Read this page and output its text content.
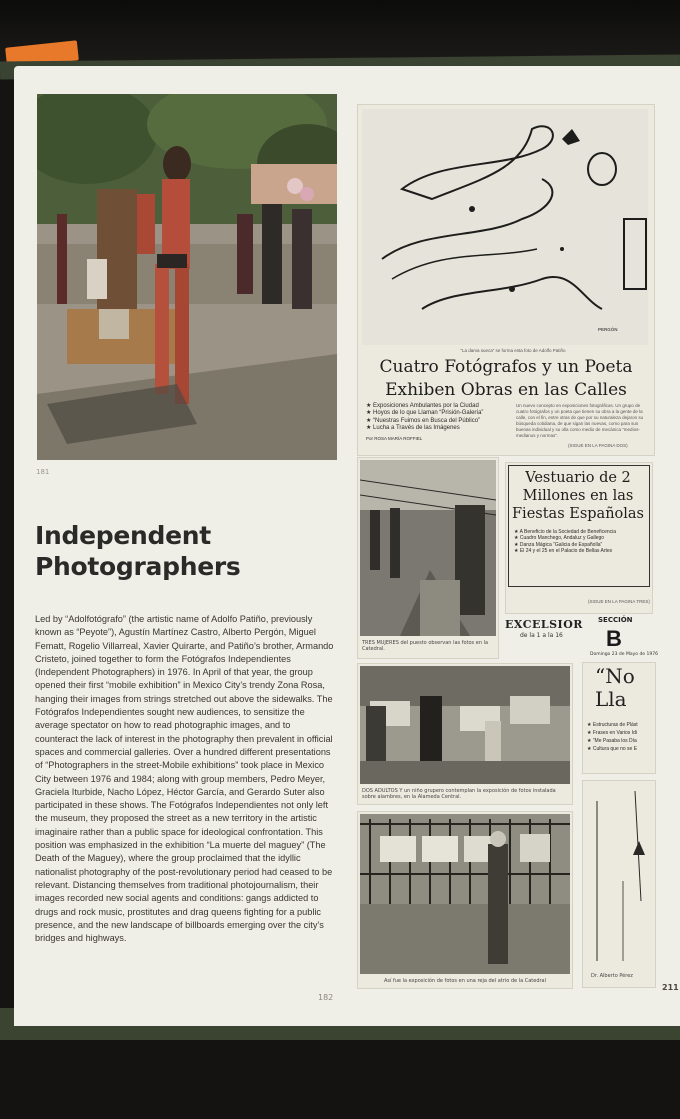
181
Independent
Photographers
Led by “Adolfotógrafo” (the artistic name of Adolfo Patiño, previously known as “Peyote”), Agustín Martínez Castro, Alberto Pergón, Miguel Fematt, Rogelio Villarreal, Xavier Quirarte, and Patiño’s brother, Armando Cristeto, joined together to form the Fotógrafos Independientes (Independent Photographers) in 1976. In April of that year, the group opened their first “mobile exhibition” in Mexico City’s trendy Zona Rosa, hanging their images from strings stretched out above the sidewalks. The Fotógrafos Independientes sought new audiences, to sensitize the average spectator on how to read photographic images, and to counteract the lack of interest in the photography then prevalent in official spaces and commercial galleries. Over a hundred different presentations of “Photographers in the street-Mobile exhibitions” took place in Mexico City between 1976 and 1984; along with group members, Pedro Meyer, Graciela Iturbide, Nacho López, Héctor García, and Gerardo Suter also participated in these shows. The Fotógrafos Independientes not only left the museum, they proposed the street as a new territory in the artistic imaginaire rather than a public space for ideological confrontation. This position was emphasized in the exhibition “La muerte del maguey” (The Death of the Maguey), where the group proclaimed that the idyllic nationalist photography of the post-revolutionary period had ceased to be relevant. Distancing themselves from traditional photojournalism, their images recorded new social agents and conditions: gangs addicted to drugs and rock music, prostitutes and drag queens fighting for a public presence, and the new landscape of billboards emerging over the city’s bridges and highways.
182
PERGÓN
“La dama sueca” se forma esta foto de Adolfo Patiño
Cuatro Fotógrafos y un Poeta
Exhiben Obras en las Calles
★ Exposiciones Ambulantes por la Ciudad
★ Hoyos de lo que Llaman “Prisión-Galería”
★ “Nuestras Fuimos en Busca del Público”
★ Lucha a Través de las Imágenes
Por ROSA MARÍA ROFFIEL
Un nuevo concepto en exposiciones fotográficas. Un grupo de cuatro fotógrafos y un poeta que tienen su obra a la gente de la calle, con el fin, entre otras de que por su naturaleza dejaron su búsqueda cotidiana, de que sigan las nuevas, como para sus buenas individual y su olla como medio de mecánica “medios-medianos y normas”.
(SIGUE EN LA PAGINA DOS)
TRES MUJERES del puesto observan las fotos en la Catedral.
Vestuario de 2
Millones en las
Fiestas Españolas
★ A Beneficio de la Sociedad de Beneficencia
★ Cuadro Manchego, Andaluz y Gallego
★ Danza Mágica “Galicia de Españolla”
★ El 24 y el 25 en el Palacio de Bellas Artes
(SIGUE EN LA PAGINA TRES)
EXCELSIOR
de la 1 a la 16
SECCIÓN
B
Domingo 23 de Mayo de 1976
DOS ADULTOS Y un niño grupero contemplan la exposición de fotos instalada sobre alambres, en la Alameda Central.
“No
Lla
★ Estructuras de Plást
★ Frases en Varios Idi
★ “Me Pasaba los Día
★ Cultura que no se E
Así fue la exposición de fotos en una reja del atrio de la Catedral
Dr. Alberto Pérez
211
